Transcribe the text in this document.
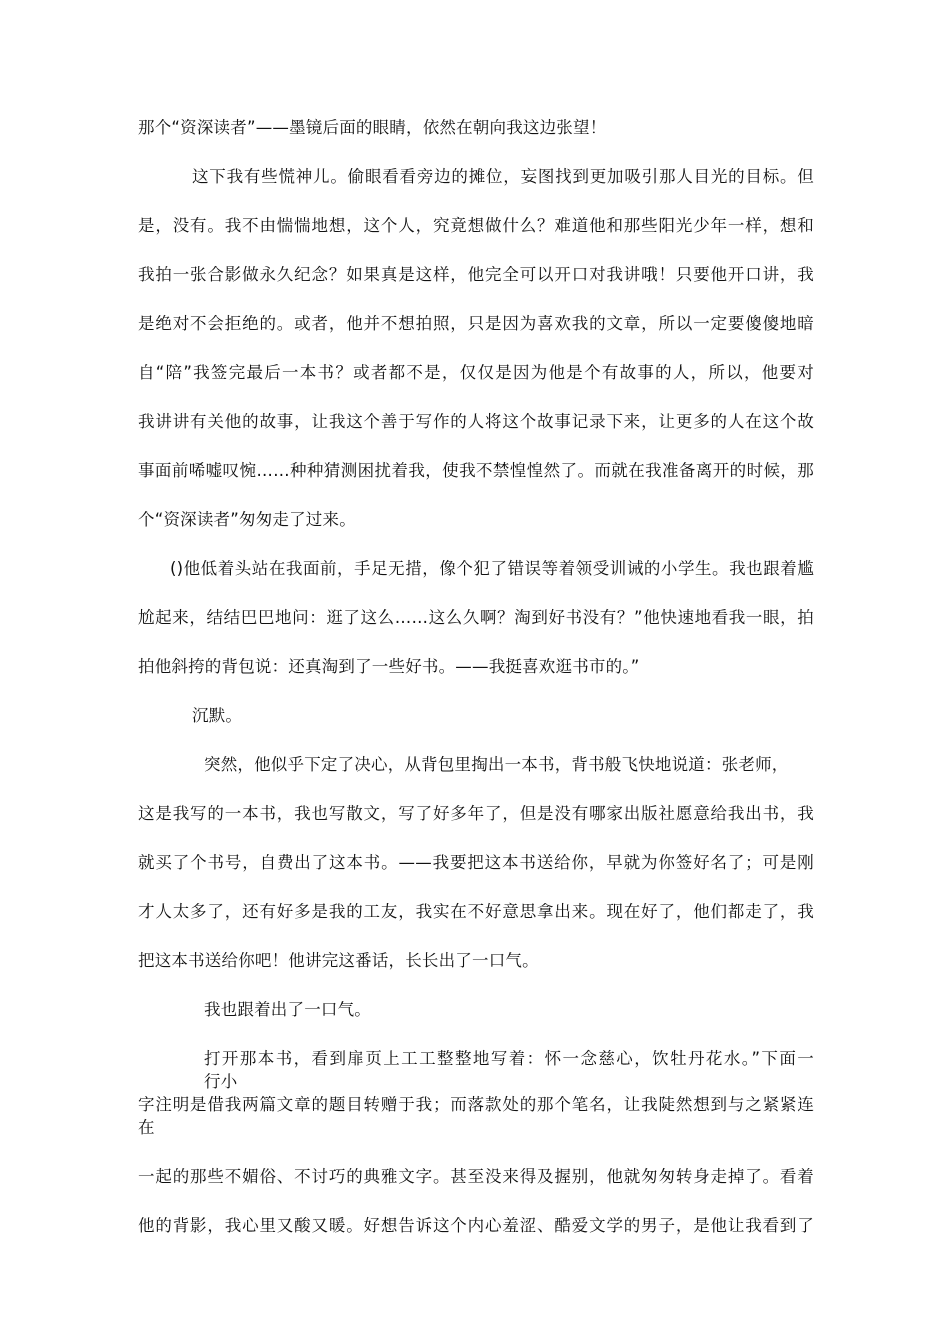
那个“资深读者”——墨镜后面的眼睛，依然在朝向我这边张望！
这下我有些慌神儿。偷眼看看旁边的摊位，妄图找到更加吸引那人目光的目标。但
是，没有。我不由惴惴地想，这个人，究竟想做什么？难道他和那些阳光少年一样，想和
我拍一张合影做永久纪念？如果真是这样，他完全可以开口对我讲哦！只要他开口讲，我
是绝对不会拒绝的。或者，他并不想拍照，只是因为喜欢我的文章，所以一定要傻傻地暗
自“陪”我签完最后一本书？或者都不是，仅仅是因为他是个有故事的人，所以，他要对
我讲讲有关他的故事，让我这个善于写作的人将这个故事记录下来，让更多的人在这个故
事面前唏嘘叹惋……种种猜测困扰着我，使我不禁惶惶然了。而就在我准备离开的时候，那
个“资深读者”匆匆走了过来。
()他低着头站在我面前，手足无措，像个犯了错误等着领受训诫的小学生。我也跟着尴
尬起来，结结巴巴地问：逛了这么……这么久啊？淘到好书没有？”他快速地看我一眼，拍
拍他斜挎的背包说：还真淘到了一些好书。——我挺喜欢逛书市的。”
沉默。
突然，他似乎下定了决心，从背包里掏出一本书，背书般飞快地说道：张老师，
这是我写的一本书，我也写散文，写了好多年了，但是没有哪家出版社愿意给我出书，我
就买了个书号，自费出了这本书。——我要把这本书送给你，早就为你签好名了；可是刚
才人太多了，还有好多是我的工友，我实在不好意思拿出来。现在好了，他们都走了，我
把这本书送给你吧！他讲完这番话，长长出了一口气。
我也跟着出了一口气。
打开那本书，看到扉页上工工整整地写着：怀一念慈心，饮牡丹花水。”下面一
行小
字注明是借我两篇文章的题目转赠于我；而落款处的那个笔名，让我陡然想到与之紧紧连
在
一起的那些不媚俗、不讨巧的典雅文字。甚至没来得及握别，他就匆匆转身走掉了。看着
他的背影，我心里又酸又暖。好想告诉这个内心羞涩、酷爱文学的男子，是他让我看到了
